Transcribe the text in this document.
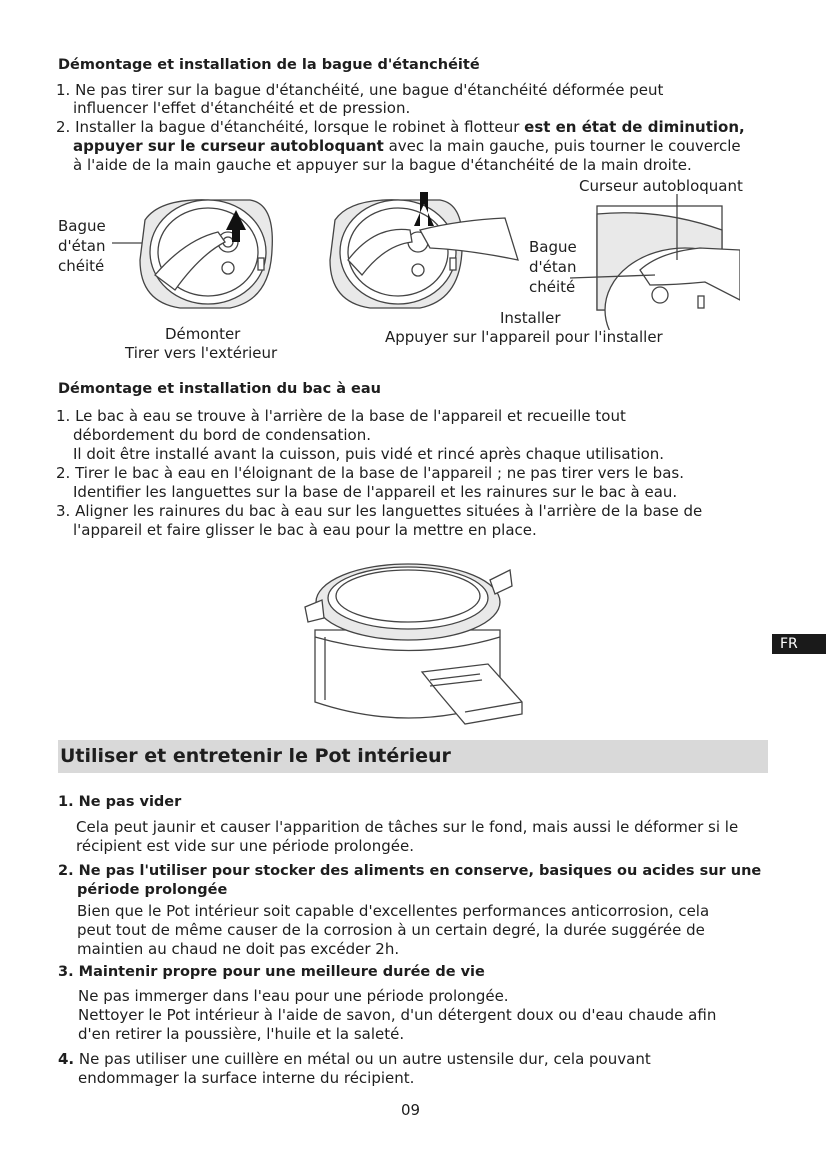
Démontage et installation de la bague d'étanchéité
1. Ne pas tirer sur la bague d'étanchéité, une bague d'étanchéité déformée peut
influencer l'effet d'étanchéité et de pression.
2. Installer la bague d'étanchéité, lorsque le robinet à flotteur est en état de diminution,
appuyer sur le curseur autobloquant avec la main gauche, puis tourner le couvercle
à l'aide de la main gauche et appuyer sur la bague d'étanchéité de la main droite.
Curseur autobloquant
Bague
d'étan
chéité
Bague
d'étan
chéité
Installer
Démonter	Appuyer sur l'appareil pour l'installer
Tirer vers l'extérieur
Démontage et installation du bac à eau
1. Le bac à eau se trouve à l'arrière de la base de l'appareil et recueille tout
débordement du bord de condensation.
Il doit être installé avant la cuisson, puis vidé et rincé après chaque utilisation.
2. Tirer le bac à eau en l'éloignant de la base de l'appareil ; ne pas tirer vers le bas.
Identifier les languettes sur la base de l'appareil et les rainures sur le bac à eau.
3. Aligner les rainures du bac à eau sur les languettes situées à l'arrière de la base de
l'appareil et faire glisser le bac à eau pour la mettre en place.
FR
Utiliser et entretenir le Pot intérieur
1. Ne pas vider
Cela peut jaunir et causer l'apparition de tâches sur le fond, mais aussi le déformer si le
récipient est vide sur une période prolongée.
2. Ne pas l'utiliser pour stocker des aliments en conserve, basiques ou acides sur une
période prolongée
Bien que le Pot intérieur soit capable d'excellentes performances anticorrosion, cela
peut tout de même causer de la corrosion à un certain degré, la durée suggérée de
maintien au chaud ne doit pas excéder 2h.
3. Maintenir propre pour une meilleure durée de vie
Ne pas immerger dans l'eau pour une période prolongée.
Nettoyer le Pot intérieur à l'aide de savon, d'un détergent doux ou d'eau chaude afin
d'en retirer la poussière, l'huile et la saleté.
4. Ne pas utiliser une cuillère en métal ou un autre ustensile dur, cela pouvant
endommager la surface interne du récipient.
09
